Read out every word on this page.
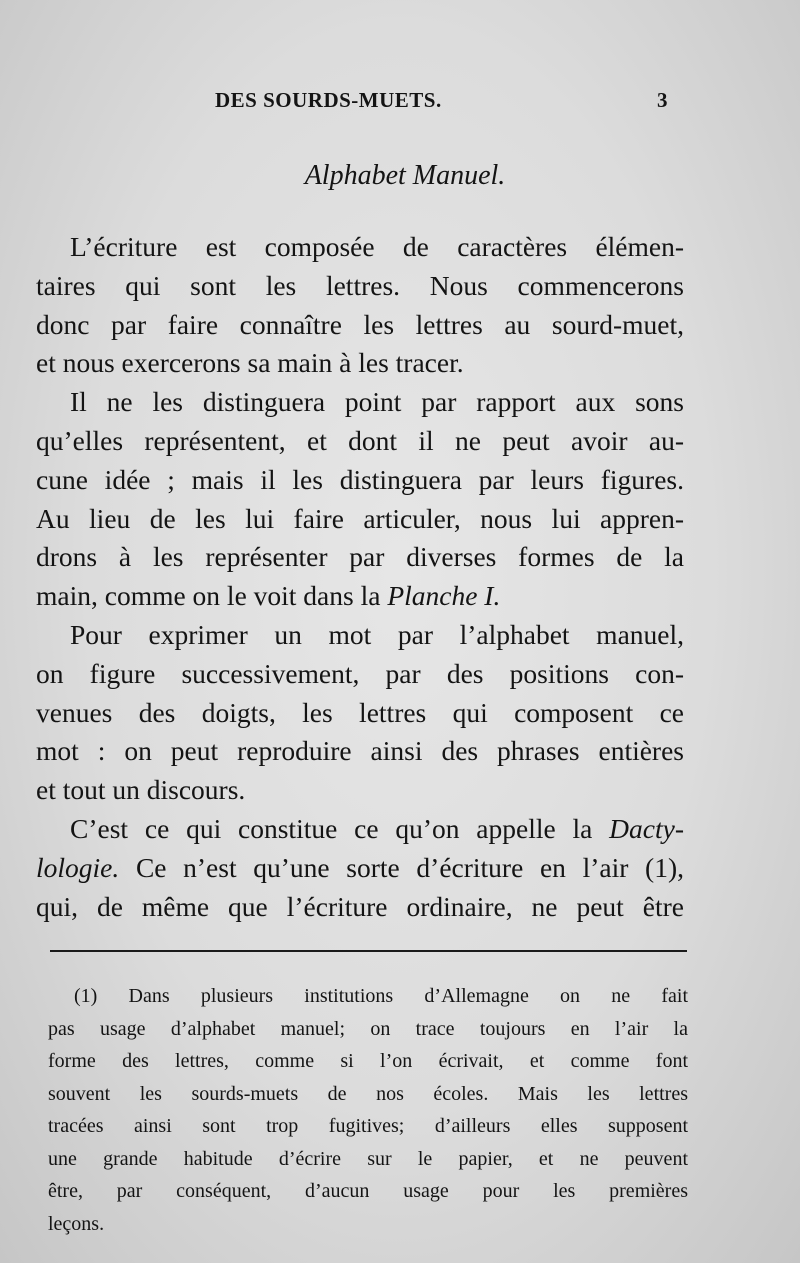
DES SOURDS-MUETS.	3
Alphabet Manuel.
L’écriture est composée de caractères élémen-
taires qui sont les lettres. Nous commencerons
donc par faire connaître les lettres au sourd-muet,
et nous exercerons sa main à les tracer.
Il ne les distinguera point par rapport aux sons
qu’elles représentent, et dont il ne peut avoir au-
cune idée ; mais il les distinguera par leurs figures.
Au lieu de les lui faire articuler, nous lui appren-
drons à les représenter par diverses formes de la
main, comme on le voit dans la Planche I.
Pour exprimer un mot par l’alphabet manuel,
on figure successivement, par des positions con-
venues des doigts, les lettres qui composent ce
mot : on peut reproduire ainsi des phrases entières
et tout un discours.
C’est ce qui constitue ce qu’on appelle la Dacty-
lologie. Ce n’est qu’une sorte d’écriture en l’air (1),
qui, de même que l’écriture ordinaire, ne peut être
(1) Dans plusieurs institutions d’Allemagne on ne fait
pas usage d’alphabet manuel; on trace toujours en l’air la
forme des lettres, comme si l’on écrivait, et comme font
souvent les sourds-muets de nos écoles. Mais les lettres
tracées ainsi sont trop fugitives; d’ailleurs elles supposent
une grande habitude d’écrire sur le papier, et ne peuvent
être, par conséquent, d’aucun usage pour les premières
leçons.
